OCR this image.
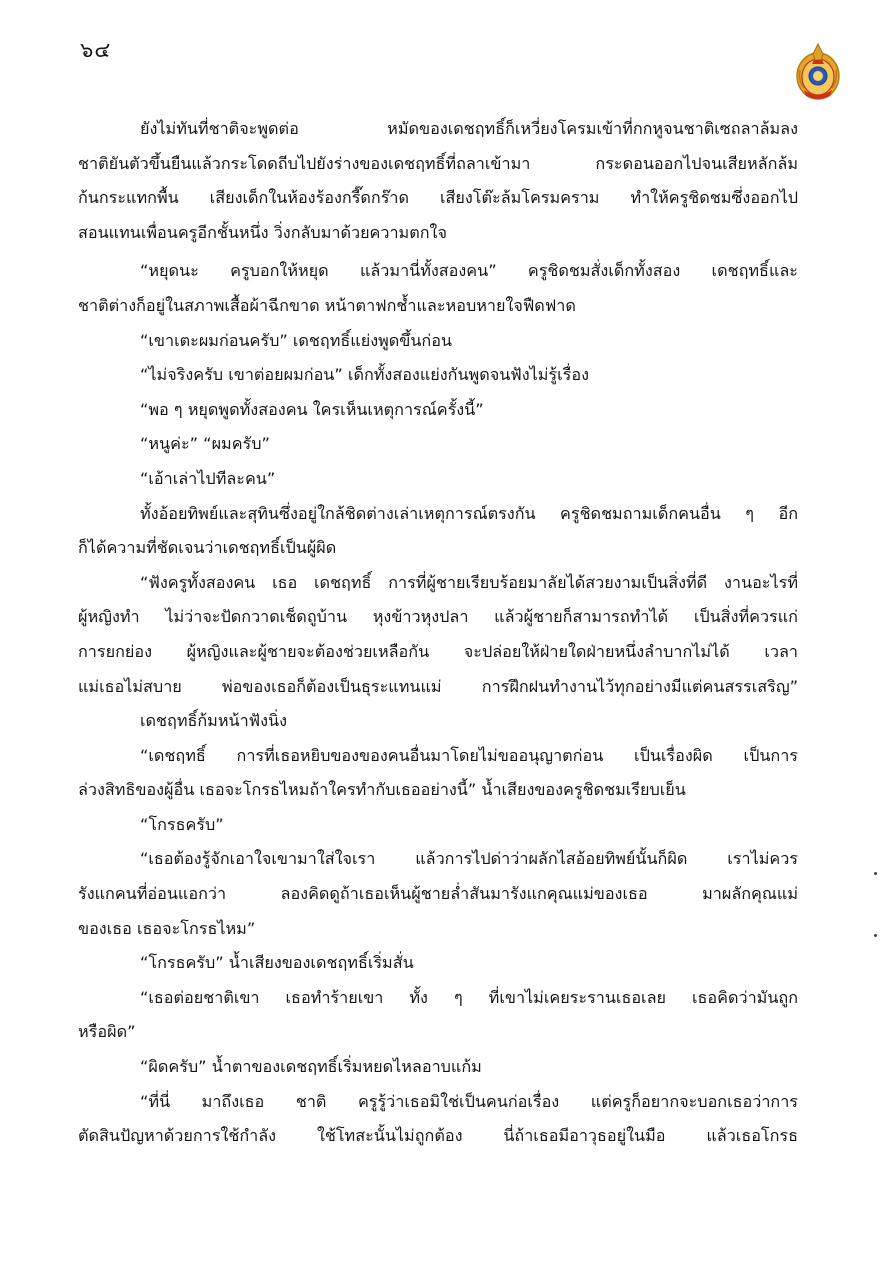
๖๔
ยังไม่ทันที่ชาติจะพูดต่อ หมัดของเดชฤทธิ์ก็เหวี่ยงโครมเข้าที่กกหูจนชาติเซถลาล้มลง
ชาติยันตัวขึ้นยืนแล้วกระโดดถีบไปยังร่างของเดชฤทธิ์ที่ถลาเข้ามา กระดอนออกไปจนเสียหลักล้ม
ก้นกระแทกพื้น เสียงเด็กในห้องร้องกรี๊ดกร๊าด เสียงโต๊ะล้มโครมคราม ทำให้ครูชิดชมซึ่งออกไป
สอนแทนเพื่อนครูอีกชั้นหนึ่ง วิ่งกลับมาด้วยความตกใจ
“หยุดนะ ครูบอกให้หยุด แล้วมานี่ทั้งสองคน” ครูชิดชมสั่งเด็กทั้งสอง เดชฤทธิ์และ
ชาติต่างก็อยู่ในสภาพเสื้อผ้าฉีกขาด หน้าตาฟกช้ำและหอบหายใจฟืดฟาด
“เขาเตะผมก่อนครับ” เดชฤทธิ์แย่งพูดขึ้นก่อน
“ไม่จริงครับ เขาต่อยผมก่อน” เด็กทั้งสองแย่งกันพูดจนฟังไม่รู้เรื่อง
“พอ ๆ หยุดพูดทั้งสองคน ใครเห็นเหตุการณ์ครั้งนี้”
“หนูค่ะ” “ผมครับ”
“เอ้าเล่าไปทีละคน”
ทั้งอ้อยทิพย์และสุทินซึ่งอยู่ใกล้ชิดต่างเล่าเหตุการณ์ตรงกัน ครูชิดชมถามเด็กคนอื่น ๆ อีก
ก็ได้ความที่ชัดเจนว่าเดชฤทธิ์เป็นผู้ผิด
“ฟังครูทั้งสองคน เธอ เดชฤทธิ์ การที่ผู้ชายเรียบร้อยมาลัยได้สวยงามเป็นสิ่งที่ดี งานอะไรที่
ผู้หญิงทำ ไม่ว่าจะปัดกวาดเช็ดถูบ้าน หุงข้าวหุงปลา แล้วผู้ชายก็สามารถทำได้ เป็นสิ่งที่ควรแก่
การยกย่อง ผู้หญิงและผู้ชายจะต้องช่วยเหลือกัน จะปล่อยให้ฝ่ายใดฝ่ายหนึ่งลำบากไม่ได้ เวลา
แม่เธอไม่สบาย พ่อของเธอก็ต้องเป็นธุระแทนแม่ การฝึกฝนทำงานไว้ทุกอย่างมีแต่คนสรรเสริญ”
เดชฤทธิ์ก้มหน้าฟังนิ่ง
“เดชฤทธิ์ การที่เธอหยิบของของคนอื่นมาโดยไม่ขออนุญาตก่อน เป็นเรื่องผิด เป็นการ
ล่วงสิทธิของผู้อื่น เธอจะโกรธไหมถ้าใครทำกับเธออย่างนี้” น้ำเสียงของครูชิดชมเรียบเย็น
“โกรธครับ”
“เธอต้องรู้จักเอาใจเขามาใส่ใจเรา แล้วการไปด่าว่าผลักไสอ้อยทิพย์นั้นก็ผิด เราไม่ควร
รังแกคนที่อ่อนแอกว่า ลองคิดดูถ้าเธอเห็นผู้ชายล่ำสันมารังแกคุณแม่ของเธอ มาผลักคุณแม่
ของเธอ เธอจะโกรธไหม”
“โกรธครับ” น้ำเสียงของเดชฤทธิ์เริ่มสั่น
“เธอต่อยชาติเขา เธอทำร้ายเขา ทั้ง ๆ ที่เขาไม่เคยระรานเธอเลย เธอคิดว่ามันถูก
หรือผิด”
“ผิดครับ” น้ำตาของเดชฤทธิ์เริ่มหยดไหลอาบแก้ม
“ที่นี่ มาถึงเธอ ชาติ ครูรู้ว่าเธอมิใช่เป็นคนก่อเรื่อง แต่ครูก็อยากจะบอกเธอว่าการ
ตัดสินปัญหาด้วยการใช้กำลัง ใช้โทสะนั้นไม่ถูกต้อง นี่ถ้าเธอมีอาวุธอยู่ในมือ แล้วเธอโกรธ
